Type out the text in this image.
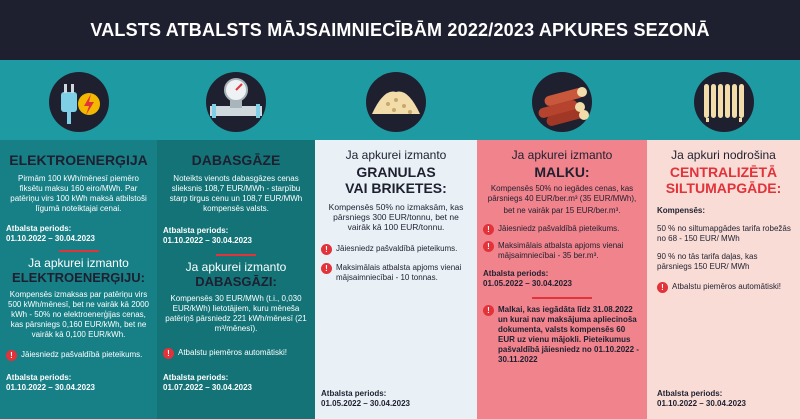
VALSTS ATBALSTS MĀJSAIMNIECĪBĀM 2022/2023 APKURES SEZONĀ
ELEKTROENERĢIJA
Pirmām 100 kWh/mēnesī piemēro fiksētu maksu 160 eiro/MWh. Par patēriņu virs 100 kWh maksā atbilstoši līgumā noteiktajai cenai.
Atbalsta periods:
01.10.2022 – 30.04.2023
Ja apkurei izmanto
ELEKTROENERĢIJU:
Kompensēs izmaksas par patēriņu virs 500 kWh/mēnesī, bet ne vairāk kā 2000 kWh - 50% no elektroenerģijas cenas, kas pārsniegs 0,160 EUR/kWh, bet ne vairāk kā 0,100 EUR/kWh.
!	Jāiesniedz pašvaldībā pieteikums.
Atbalsta periods:
01.10.2022 – 30.04.2023
DABASGĀZE
Noteikts vienots dabasgāzes cenas slieksnis 108,7 EUR/MWh - starpību starp tirgus cenu un 108,7 EUR/MWh kompensēs valsts.
Atbalsta periods:
01.10.2022 – 30.04.2023
Ja apkurei izmanto
DABASGĀZI:
Kompensēs 30 EUR/MWh (t.i., 0,030 EUR/kWh) lietotājiem, kuru mēneša patēriņš pārsniedz 221 kWh/mēnesī (21 m³/mēnesī).
!	Atbalstu piemēros automātiski!
Atbalsta periods:
01.07.2022 – 30.04.2023
Ja apkurei izmanto
GRANULAS
VAI BRIKETES:
Kompensēs 50% no izmaksām, kas pārsniegs 300 EUR/tonnu, bet ne vairāk kā 100 EUR/tonnu.
!	Jāiesniedz pašvaldībā pieteikums.
!	Maksimālais atbalsta apjoms vienai mājsaimniecībai - 10 tonnas.
Atbalsta periods:
01.05.2022 – 30.04.2023
Ja apkurei izmanto
MALKU:
Kompensēs 50% no iegādes cenas, kas pārsniegs 40 EUR/ber.m³ (35 EUR/MWh),
bet ne vairāk par 15 EUR/ber.m³.
!	Jāiesniedz pašvaldībā pieteikums.
!	Maksimālais atbalsta apjoms vienai mājsaimniecībai - 35 ber.m³.
Atbalsta periods:
01.05.2022 – 30.04.2023
!	Malkai, kas iegādāta līdz 31.08.2022 un kurai nav maksājuma apliecinoša dokumenta, valsts kompensēs 60 EUR uz vienu mājokli. Pieteikumus pašvaldībā jāiesniedz no 01.10.2022 - 30.11.2022
Ja apkuri nodrošina
CENTRALIZĒTĀ
SILTUMAPGĀDE:
Kompensēs:
50 % no siltumapgādes tarifa robežās no 68 - 150 EUR/ MWh
90 % no tās tarifa daļas, kas pārsniegs 150 EUR/ MWh
!	Atbalstu piemēros automātiski!
Atbalsta periods:
01.10.2022 – 30.04.2023
